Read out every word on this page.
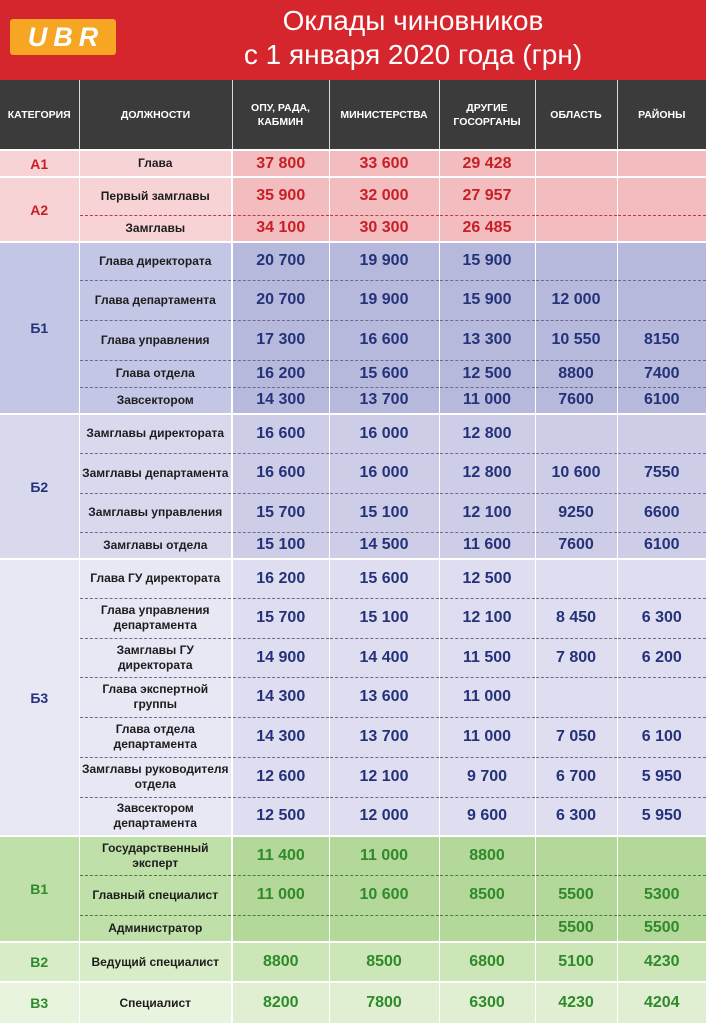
UBR
Оклады чиновников
с 1 января 2020 года (грн)
КАТЕГОРИЯ	ДОЛЖНОСТИ	ОПУ, РАДА, КАБМИН	МИНИСТЕРСТВА	ДРУГИЕ ГОСОРГАНЫ	ОБЛАСТЬ	РАЙОНЫ
А1	Глава	37 800	33 600	29 428		
А2	Первый замглавы	35 900	32 000	27 957		
	Замглавы	34 100	30 300	26 485		
Б1	Глава директората	20 700	19 900	15 900		
	Глава департамента	20 700	19 900	15 900	12 000	
	Глава управления	17 300	16 600	13 300	10 550	8150
	Глава отдела	16 200	15 600	12 500	8800	7400
	Завсектором	14 300	13 700	11 000	7600	6100
Б2	Замглавы директората	16 600	16 000	12 800		
	Замглавы департамента	16 600	16 000	12 800	10 600	7550
	Замглавы управления	15 700	15 100	12 100	9250	6600
	Замглавы отдела	15 100	14 500	11 600	7600	6100
Б3	Глава ГУ директората	16 200	15 600	12 500		
	Глава управления департамента	15 700	15 100	12 100	8 450	6 300
	Замглавы ГУ директората	14 900	14 400	11 500	7 800	6 200
	Глава экспертной группы	14 300	13 600	11 000		
	Глава отдела департамента	14 300	13 700	11 000	7 050	6 100
	Замглавы руководителя отдела	12 600	12 100	9 700	6 700	5 950
	Завсектором департамента	12 500	12 000	9 600	6 300	5 950
В1	Государственный эксперт	11 400	11 000	8800		
	Главный специалист	11 000	10 600	8500	5500	5300
	Администратор				5500	5500
В2	Ведущий специалист	8800	8500	6800	5100	4230
В3	Специалист	8200	7800	6300	4230	4204
